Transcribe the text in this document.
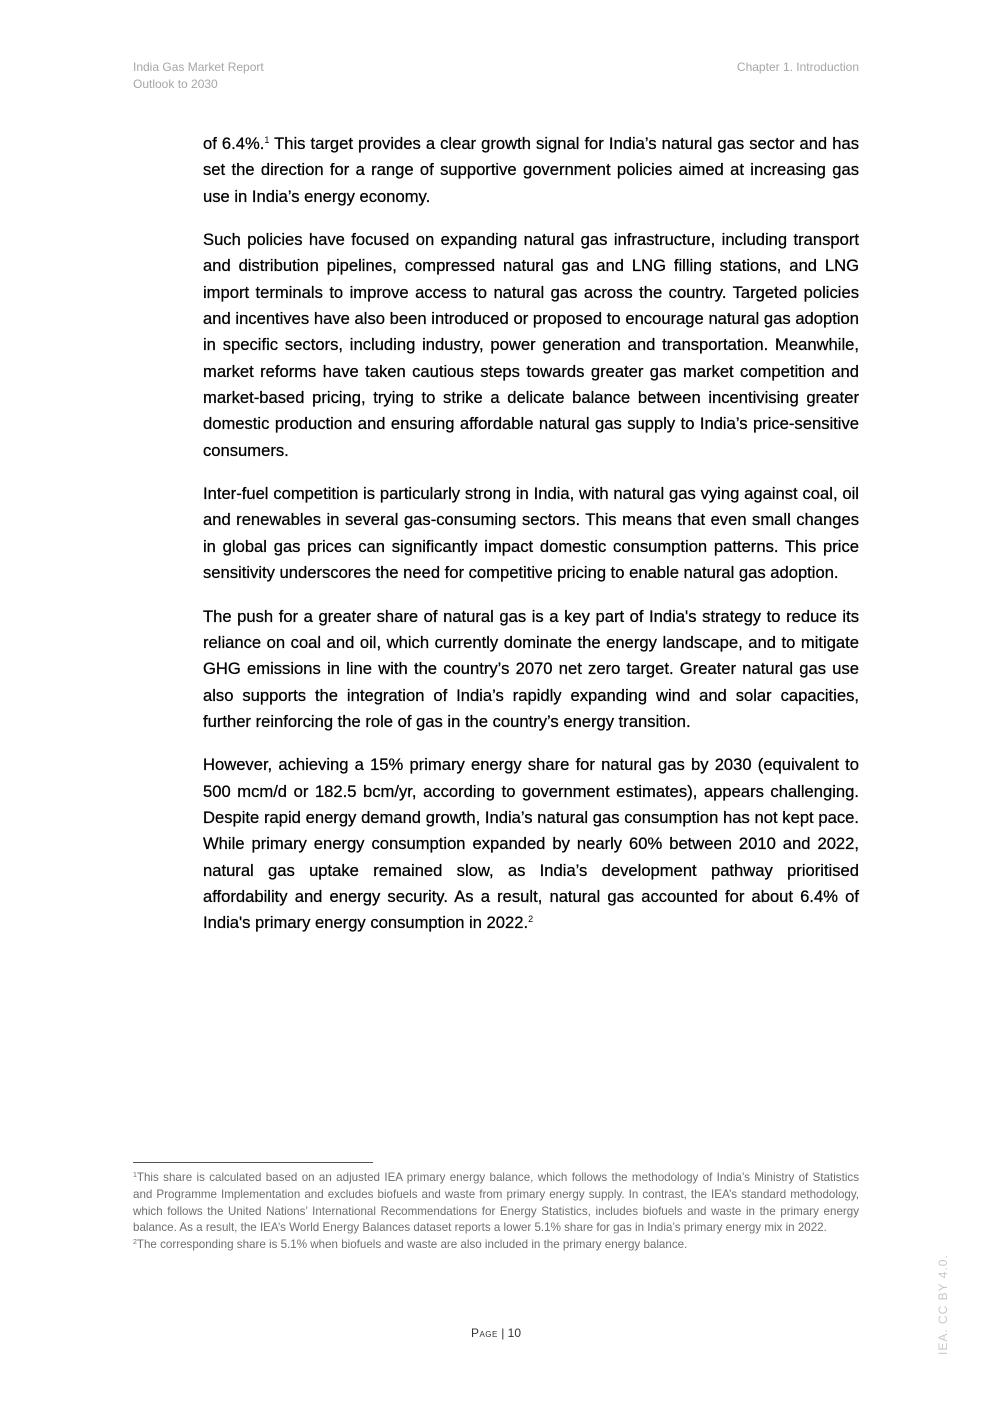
India Gas Market Report
Outlook to 2030
Chapter 1. Introduction

of 6.4%.$^1$ This target provides a clear growth signal for India’s natural gas sector and has set the direction for a range of supportive government policies aimed at increasing gas use in India’s energy economy.

Such policies have focused on expanding natural gas infrastructure, including transport and distribution pipelines, compressed natural gas and LNG filling stations, and LNG import terminals to improve access to natural gas across the country. Targeted policies and incentives have also been introduced or proposed to encourage natural gas adoption in specific sectors, including industry, power generation and transportation. Meanwhile, market reforms have taken cautious steps towards greater gas market competition and market-based pricing, trying to strike a delicate balance between incentivising greater domestic production and ensuring affordable natural gas supply to India’s price-sensitive consumers.

Inter-fuel competition is particularly strong in India, with natural gas vying against coal, oil and renewables in several gas-consuming sectors. This means that even small changes in global gas prices can significantly impact domestic consumption patterns. This price sensitivity underscores the need for competitive pricing to enable natural gas adoption.

The push for a greater share of natural gas is a key part of India's strategy to reduce its reliance on coal and oil, which currently dominate the energy landscape, and to mitigate GHG emissions in line with the country’s 2070 net zero target. Greater natural gas use also supports the integration of India’s rapidly expanding wind and solar capacities, further reinforcing the role of gas in the country’s energy transition.

However, achieving a 15% primary energy share for natural gas by 2030 (equivalent to 500 mcm/d or 182.5 bcm/yr, according to government estimates), appears challenging. Despite rapid energy demand growth, India’s natural gas consumption has not kept pace. While primary energy consumption expanded by nearly 60% between 2010 and 2022, natural gas uptake remained slow, as India’s development pathway prioritised affordability and energy security. As a result, natural gas accounted for about 6.4% of India's primary energy consumption in 2022.$^2$

$^1$This share is calculated based on an adjusted IEA primary energy balance, which follows the methodology of India’s Ministry of Statistics and Programme Implementation and excludes biofuels and waste from primary energy supply. In contrast, the IEA’s standard methodology, which follows the United Nations’ International Recommendations for Energy Statistics, includes biofuels and waste in the primary energy balance. As a result, the IEA’s World Energy Balances dataset reports a lower 5.1% share for gas in India’s primary energy mix in 2022.

$^2$The corresponding share is 5.1% when biofuels and waste are also included in the primary energy balance.

Page | 10	IEA. CC BY 4.0.
